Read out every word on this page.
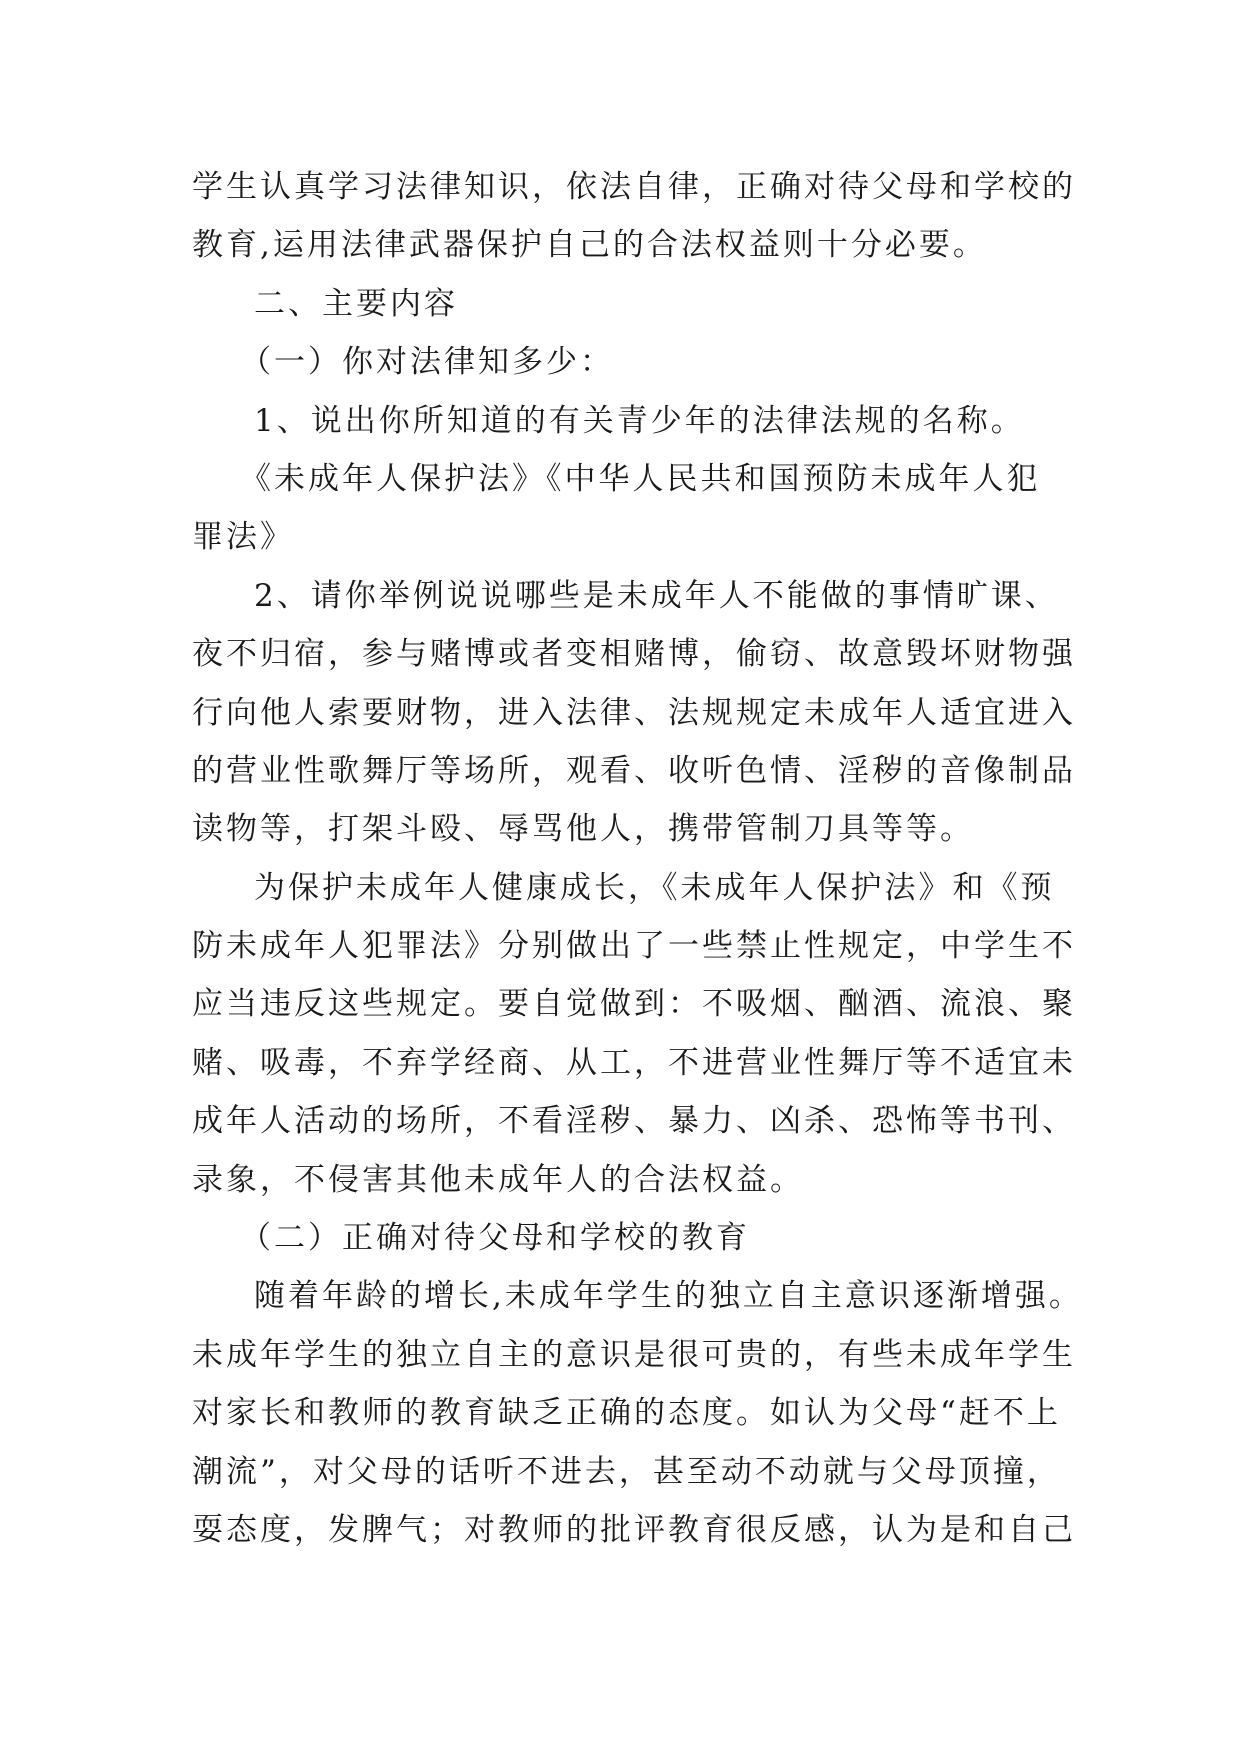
学生认真学习法律知识，依法自律，正确对待父母和学校的
教育,运用法律武器保护自己的合法权益则十分必要。
二、主要内容
（一）你对法律知多少：
1、说出你所知道的有关青少年的法律法规的名称。
《未成年人保护法》《中华人民共和国预防未成年人犯
罪法》
2、请你举例说说哪些是未成年人不能做的事情旷课、
夜不归宿，参与赌博或者变相赌博，偷窃、故意毁坏财物强
行向他人索要财物，进入法律、法规规定未成年人适宜进入
的营业性歌舞厅等场所，观看、收听色情、淫秽的音像制品
读物等，打架斗殴、辱骂他人，携带管制刀具等等。
为保护未成年人健康成长，《未成年人保护法》和《预
防未成年人犯罪法》分别做出了一些禁止性规定，中学生不
应当违反这些规定。要自觉做到：不吸烟、酗酒、流浪、聚
赌、吸毒，不弃学经商、从工，不进营业性舞厅等不适宜未
成年人活动的场所，不看淫秽、暴力、凶杀、恐怖等书刊、
录象，不侵害其他未成年人的合法权益。
（二）正确对待父母和学校的教育
随着年龄的增长,未成年学生的独立自主意识逐渐增强。
未成年学生的独立自主的意识是很可贵的，有些未成年学生
对家长和教师的教育缺乏正确的态度。如认为父母“赶不上
潮流”，对父母的话听不进去，甚至动不动就与父母顶撞，
耍态度，发脾气；对教师的批评教育很反感，认为是和自己
